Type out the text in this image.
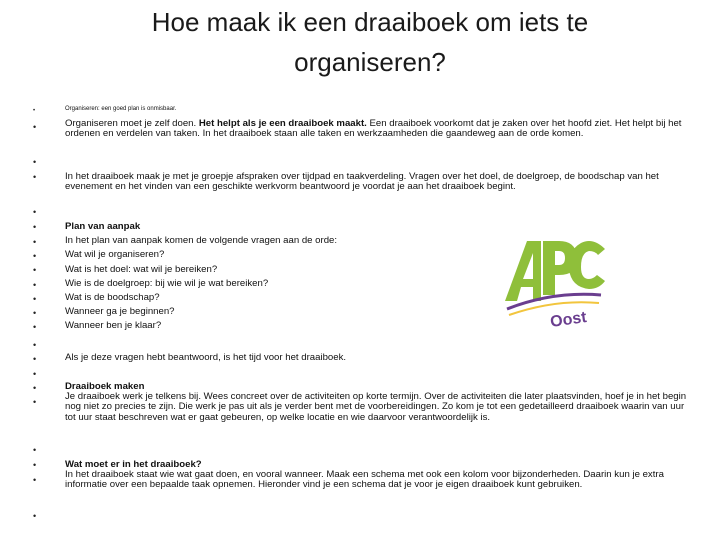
Hoe maak ik een draaiboek om iets te
organiseren?
•
•
•
•
•
•
•
•
•
•
•
•
•
•
•
•
•
•
•
•
•
•
Organiseren: een goed plan is onmisbaar.
Organiseren moet je zelf doen. Het helpt als je een draaiboek maakt. Een draaiboek voorkomt dat je zaken over het hoofd ziet. Het helpt bij het ordenen en verdelen van taken. In het draaiboek staan alle taken en werkzaamheden die gaandeweg aan de orde komen.
In het draaiboek maak je met je groepje afspraken over tijdpad en taakverdeling. Vragen over het doel, de doelgroep, de boodschap van het evenement en het vinden van een geschikte werkvorm beantwoord je voordat je aan het draaiboek begint.
Plan van aanpak
In het plan van aanpak komen de volgende vragen aan de orde:
Wat wil je organiseren?
Wat is het doel: wat wil je bereiken?
Wie is de doelgroep: bij wie wil je wat bereiken?
Wat is de boodschap?
Wanneer ga je beginnen?
Wanneer ben je klaar?
Als je deze vragen hebt beantwoord, is het tijd voor het draaiboek.
Draaiboek maken
Je draaiboek werk je telkens bij. Wees concreet over de activiteiten op korte termijn. Over de activiteiten die later plaatsvinden, hoef je in het begin nog niet zo precies te zijn. Die werk je pas uit als je verder bent met de voorbereidingen. Zo kom je tot een gedetailleerd draaiboek waarin van uur tot uur staat beschreven wat er gaat gebeuren, op welke locatie en wie daarvoor verantwoordelijk is.
Wat moet er in het draaiboek?
In het draaiboek staat wie wat gaat doen, en vooral wanneer. Maak een schema met ook een kolom voor bijzonderheden. Daarin kun je extra informatie over een bepaalde taak opnemen. Hieronder vind je een schema dat je voor je eigen draaiboek kunt gebruiken.
Oost
